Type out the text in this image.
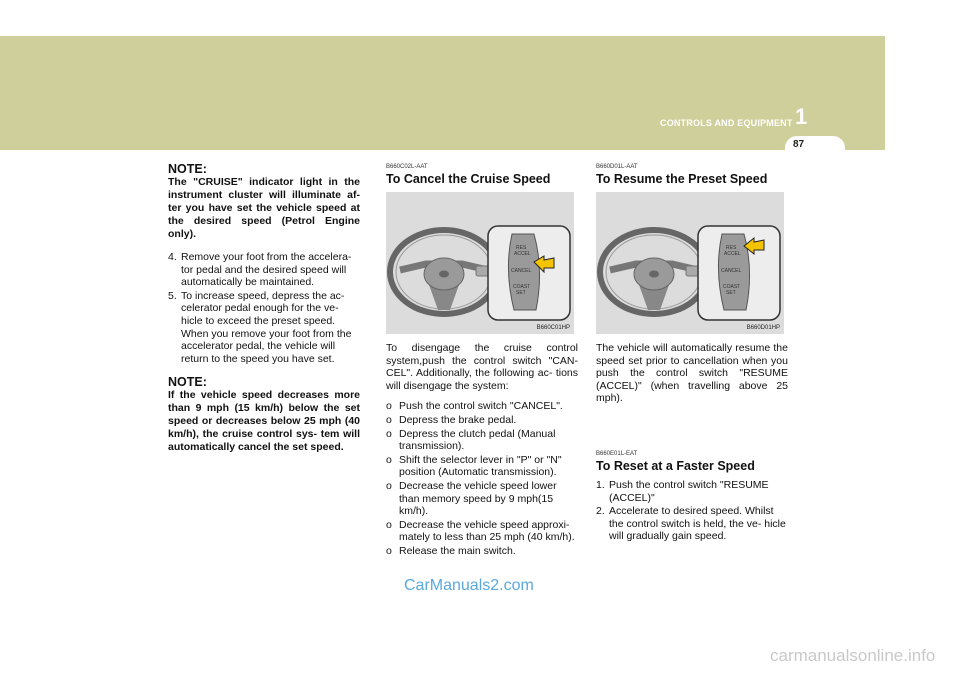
1
CONTROLS AND EQUIPMENT
87

NOTE:

The "CRUISE" indicator light in the instrument cluster will illuminate af- ter you have set the vehicle speed at the desired speed (Petrol Engine only).

4. Remove your foot from the accelera- tor pedal and the desired speed will automatically be maintained.
5. To increase speed, depress the ac- celerator pedal enough for the ve- hicle to exceed the preset speed. When you remove your foot from the accelerator pedal, the vehicle will return to the speed you have set.

NOTE:

If the vehicle speed decreases more than 9 mph (15 km/h) below the set speed or decreases below 25 mph (40 km/h), the cruise control sys- tem will automatically cancel the set speed.

B660C02L-AAT
To Cancel the Cruise Speed
RES
ACCEL
CANCEL
COAST
SET
B660C01HP

To disengage the cruise control system,push the control switch "CAN- CEL". Additionally, the following ac- tions will disengage the system:

o Push the control switch "CANCEL".
o Depress the brake pedal.
o Depress the clutch pedal (Manual transmission).
o Shift the selector lever in "P" or "N" position (Automatic transmission).
o Decrease the vehicle speed lower than memory speed by 9 mph(15 km/h).
o Decrease the vehicle speed approxi- mately to less than 25 mph (40 km/h).
o Release the main switch.
B660D01L-AAT
To Resume the Preset Speed
RES
ACCEL
CANCEL
COAST
SET
B660D01HP

The vehicle will automatically resume the speed set prior to cancellation when you push the control switch "RESUME (ACCEL)" (when travelling above 25 mph).

B660E01L-EAT
To Reset at a Faster Speed
1. Push the control switch "RESUME (ACCEL)"
2. Accelerate to desired speed. Whilst the control switch is held, the ve- hicle will gradually gain speed.
CarManuals2.com
carmanualsonline.info
